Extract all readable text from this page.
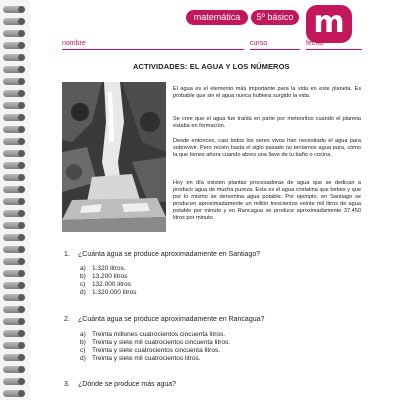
matemática	5º básico m
nombre	curso	fecha
ACTIVIDADES: EL AGUA Y LOS NÚMEROS

El agua es el elemento más importante para la vida en este planeta. Es probable que sin el agua nunca hubiera surgido la vida.

Se cree que el agua fue traída en parte por meteoritos cuando el planeta estaba en formación.

Desde entonces, casi todos los seres vivos han necesitado el agua para sobrevivir. Pero recién hasta el siglo pasado no teníamos agua pura, cómo la que tienes ahora cuando abres una llave de tu baño o cocina.

Hoy en día existen plantas procesadoras de agua que se dedican a producir agua de mucha pureza. Esta es el agua cristalina que bebes y que por lo mismo se denomina agua potable. Por ejemplo, en Santiago se producen aproximadamente un millón trescientos veinte mil litros de agua potable por minuto y en Rancagua se produce aproximadamente 37.450 litros por minuto.

1. ¿Cuánta agua se produce aproximadamente en Santiago?
a) 1.320 litros.
b) 13.200 litros
c) 132.000 litros
d) 1.320.000 litros
2. ¿Cuánta agua se produce aproximadamente en Rancagua?
a) Treinta millones cuatrocientos cincuenta litros.
b) Treinta y siete mil cuatrocientos cincuenta litros.
c) Treinta y siete cuatrocientos cincuenta litros.
d) Treinta y siete mil cuatrocientos litros.
3. ¿Dónde se produce más agua?
